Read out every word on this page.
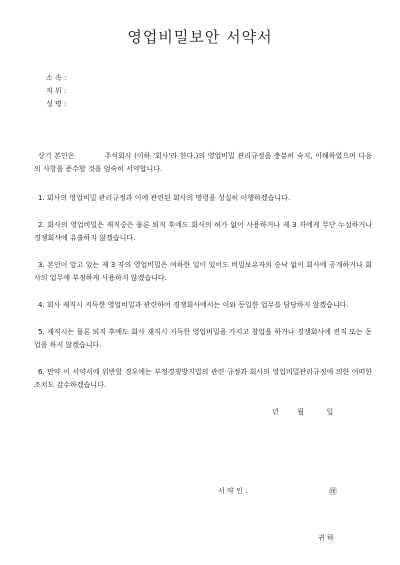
영업비밀보안 서약서
소 속 :
직 위 :
성 명 :

상기 본인은	주식회사 (이하 '회사'라 한다.)의 영업비밀 관리규정을 충분히 숙지, 이해하였으며 다음의 사항을 준수할 것을 엄숙히 서약합니다.

1. 회사의 영업비밀 관리규정과 이에 관련된 회사의 명령을 성실히 이행하겠습니다.

2. 회사의 영업비밀은 재직중은 물론 퇴직 후에도 회사의 허가 없이 사용하거나 제 3 자에게 무단 누설하거나 경쟁회사에 유출하지 않겠습니다.

3. 본인이 알고 있는 제 3 자의 영업비밀은 여하한 일이 있어도 비밀보유자의 승낙 없이 회사에 공개하거나 회사의 업무에 부정하게 사용하지 않겠습니다.

4. 회사 재직시 지득한 영업비밀과 관련하여 경쟁회사에서는 이와 동일한 업무를 담당하지 않겠습니다.

5. 재직시는 물론 퇴직 후에도 회사 재직시 지득한 영업비밀을 가지고 창업을 하거나 경쟁회사에 전직 또는 동업을 하지 않겠습니다.

6. 만약 이 서약서에 위반할 경우에는 부정경쟁방지법의 관련 규정과 회사의 영업비밀관리규정에 의한 어떠한 조치도 감수하겠습니다.

년	월	일
서 약 인 :	㊞
귀 하
